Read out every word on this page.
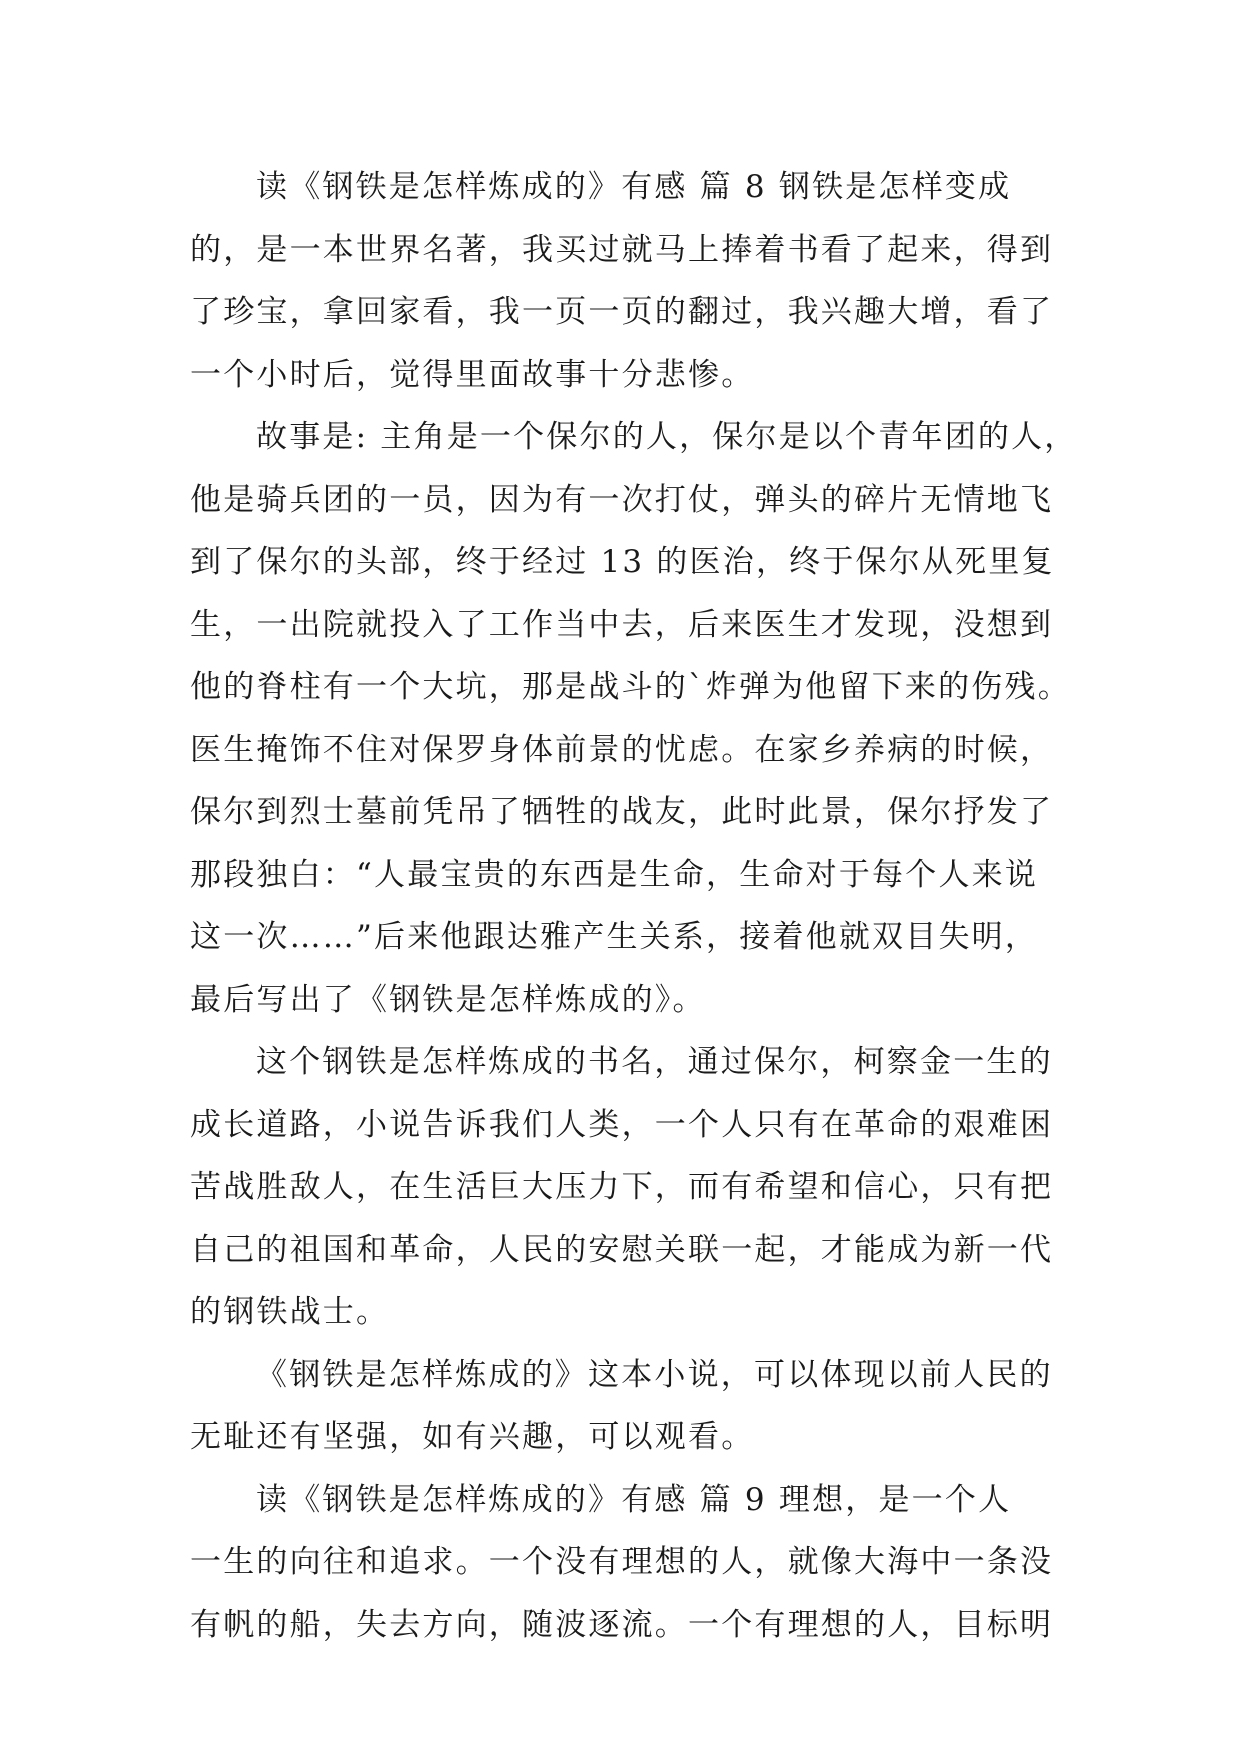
读《钢铁是怎样炼成的》有感 篇 8 钢铁是怎样变成
的，是一本世界名著，我买过就马上捧着书看了起来，得到
了珍宝，拿回家看，我一页一页的翻过，我兴趣大增，看了
一个小时后，觉得里面故事十分悲惨。
故事是: 主角是一个保尔的人，保尔是以个青年团的人，
他是骑兵团的一员，因为有一次打仗，弹头的碎片无情地飞
到了保尔的头部，终于经过 13 的医治，终于保尔从死里复
生，一出院就投入了工作当中去，后来医生才发现，没想到
他的脊柱有一个大坑，那是战斗的`炸弹为他留下来的伤残。
医生掩饰不住对保罗身体前景的忧虑。在家乡养病的时候，
保尔到烈士墓前凭吊了牺牲的战友，此时此景，保尔抒发了
那段独白：“人最宝贵的东西是生命，生命对于每个人来说
这一次……”后来他跟达雅产生关系，接着他就双目失明，
最后写出了《钢铁是怎样炼成的》。
这个钢铁是怎样炼成的书名，通过保尔，柯察金一生的
成长道路，小说告诉我们人类，一个人只有在革命的艰难困
苦战胜敌人，在生活巨大压力下，而有希望和信心，只有把
自己的祖国和革命，人民的安慰关联一起，才能成为新一代
的钢铁战士。
《钢铁是怎样炼成的》这本小说，可以体现以前人民的
无耻还有坚强，如有兴趣，可以观看。
读《钢铁是怎样炼成的》有感 篇 9 理想，是一个人
一生的向往和追求。一个没有理想的人，就像大海中一条没
有帆的船，失去方向，随波逐流。一个有理想的人，目标明
